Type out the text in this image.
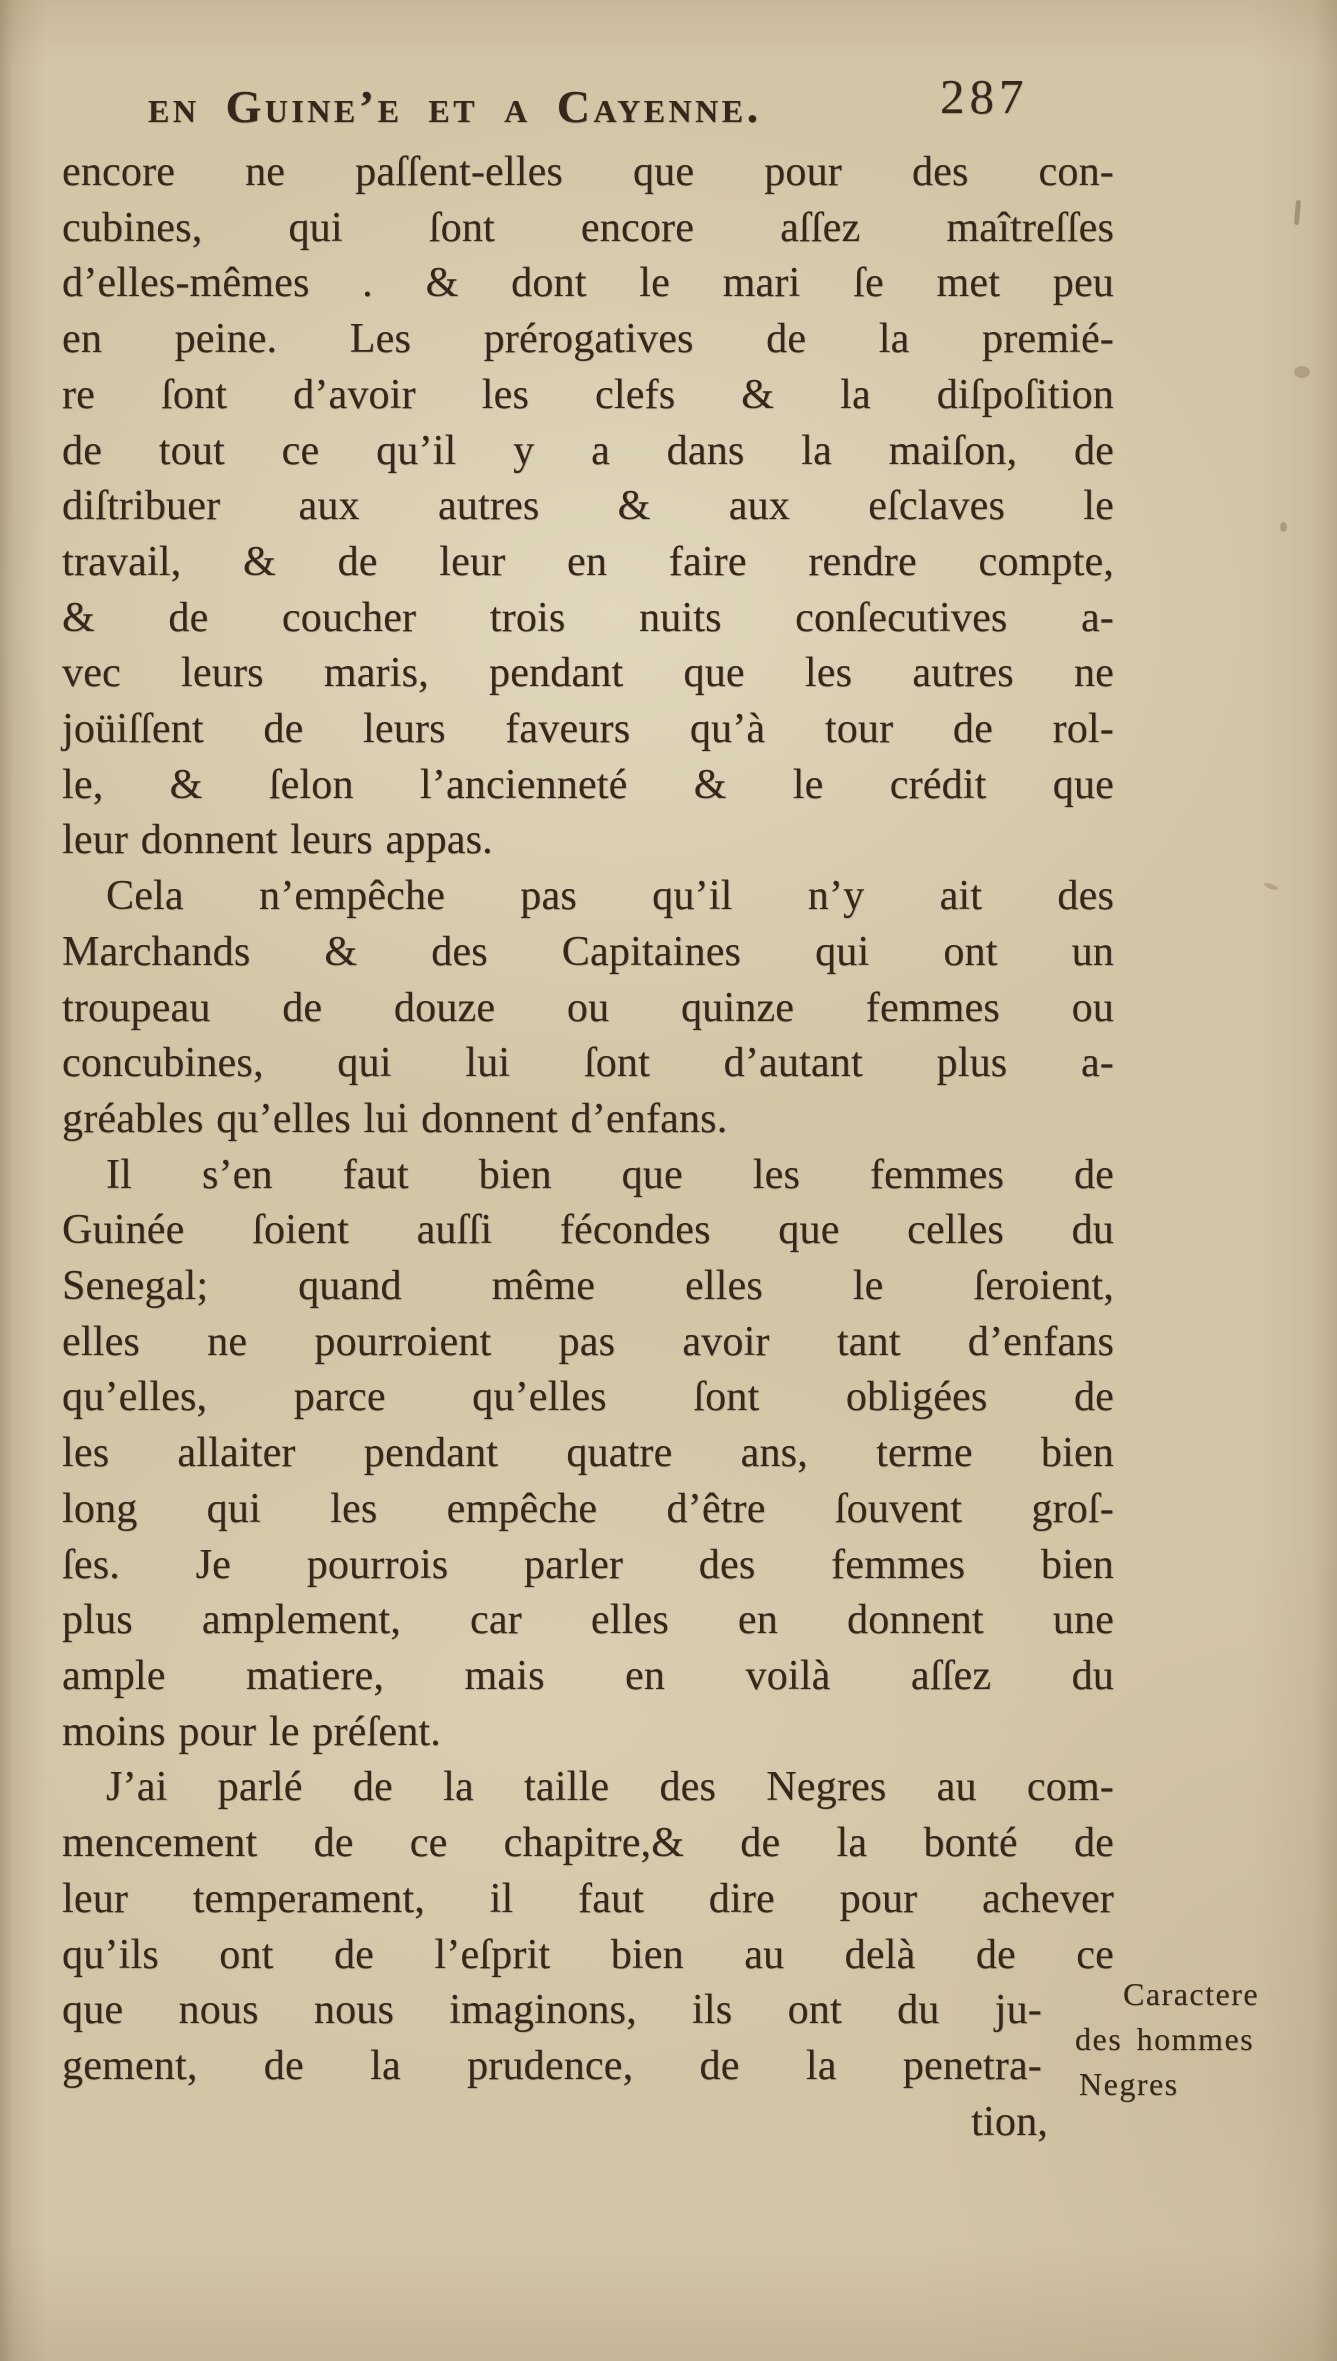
en Guine’e et a Cayenne.	287
encore ne paſſent-elles que pour des con-
cubines, qui ſont encore aſſez maîtreſſes
d’elles-mêmes . & dont le mari ſe met peu
en peine. Les prérogatives de la premié-
re ſont d’avoir les clefs & la diſpoſition
de tout ce qu’il y a dans la maiſon, de
diſtribuer aux autres & aux eſclaves le
travail, & de leur en faire rendre compte,
& de coucher trois nuits conſecutives a-
vec leurs maris, pendant que les autres ne
joüiſſent de leurs faveurs qu’à tour de rol-
le, & ſelon l’ancienneté & le crédit que
leur donnent leurs appas.
Cela n’empêche pas qu’il n’y ait des
Marchands & des Capitaines qui ont un
troupeau de douze ou quinze femmes ou
concubines, qui lui ſont d’autant plus a-
gréables qu’elles lui donnent d’enfans.
Il s’en faut bien que les femmes de
Guinée ſoient auſſi fécondes que celles du
Senegal; quand même elles le ſeroient,
elles ne pourroient pas avoir tant d’enfans
qu’elles, parce qu’elles ſont obligées de
les allaiter pendant quatre ans, terme bien
long qui les empêche d’être ſouvent groſ-
ſes. Je pourrois parler des femmes bien
plus amplement, car elles en donnent une
ample matiere, mais en voilà aſſez du
moins pour le préſent.
J’ai parlé de la taille des Negres au com-
mencement de ce chapitre,& de la bonté de
leur temperament, il faut dire pour achever
qu’ils ont de l’eſprit bien au delà de ce
que nous nous imaginons, ils ont du ju-
gement, de la prudence, de la penetra-
tion,
Caractere
des hommes
Negres
